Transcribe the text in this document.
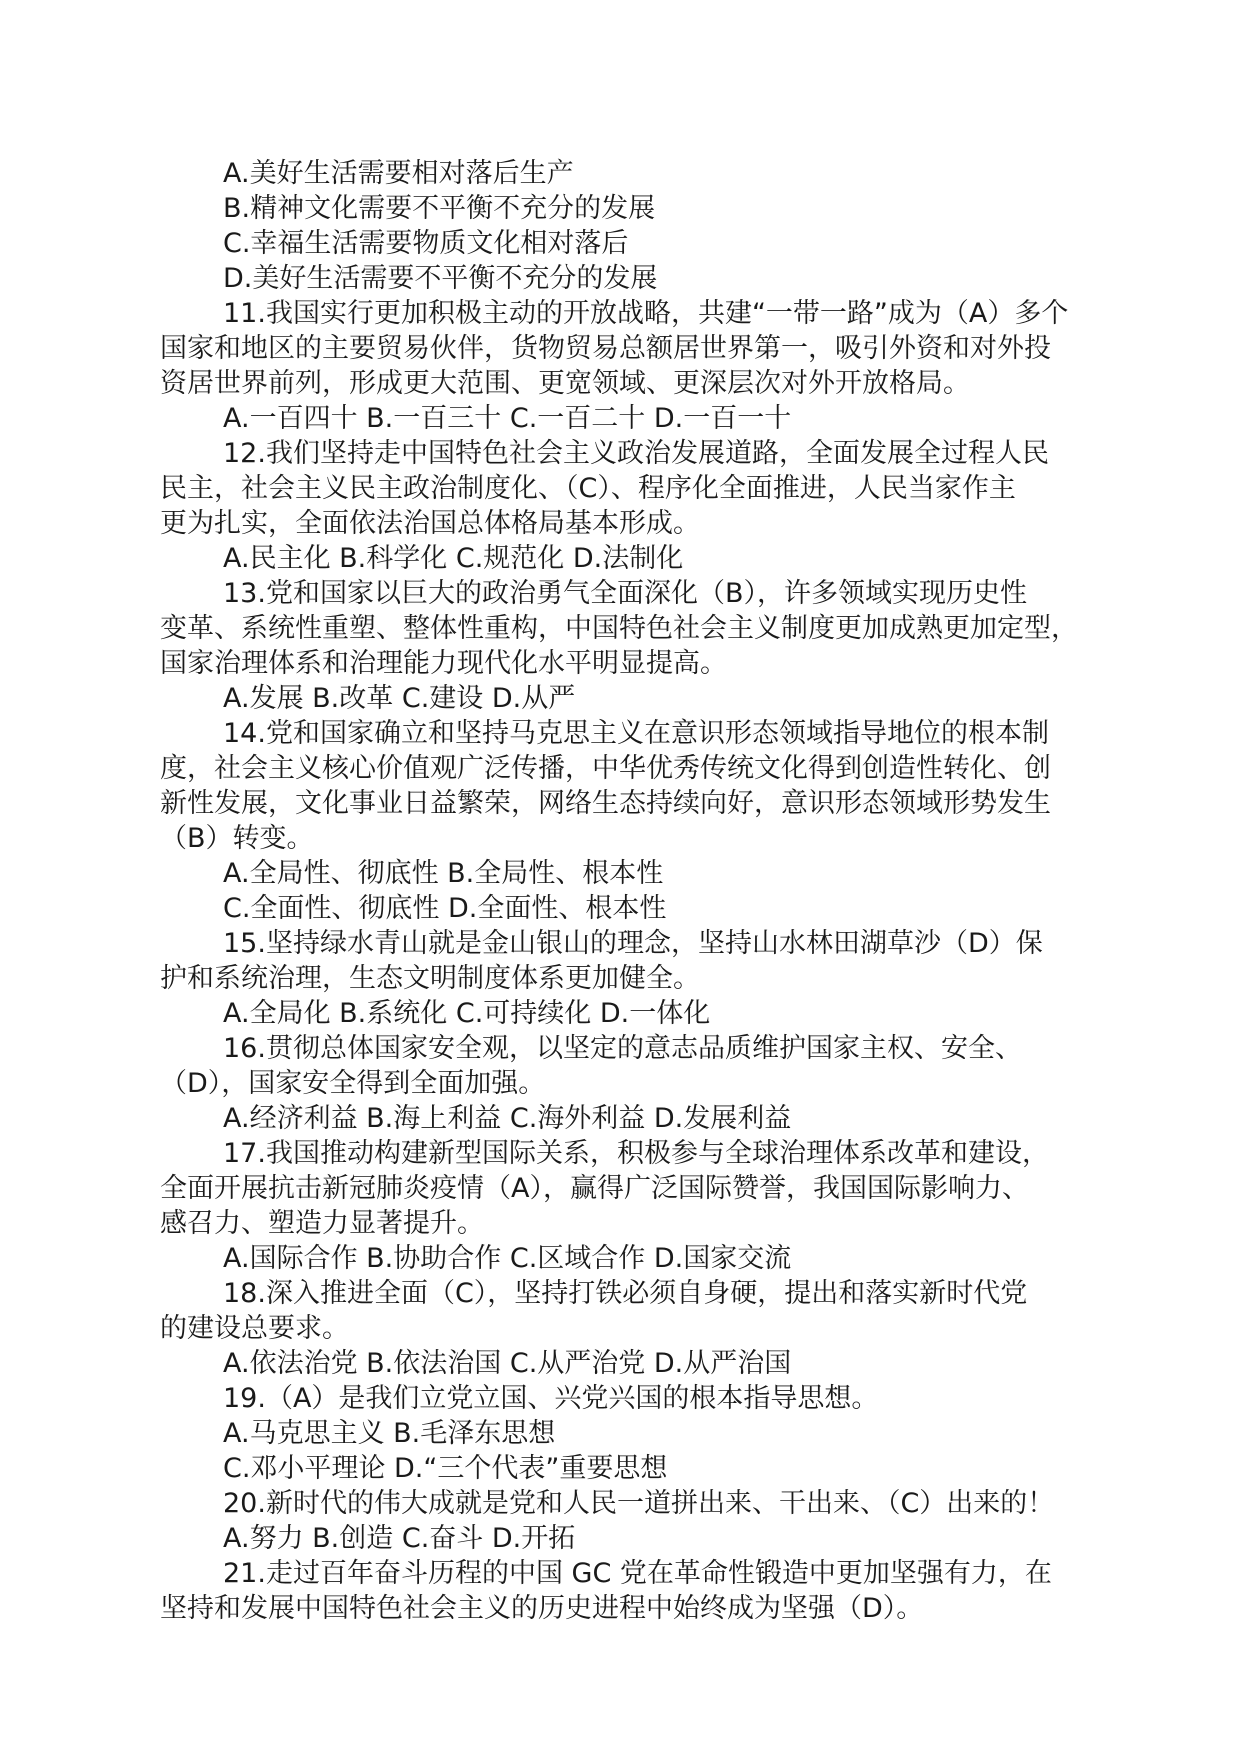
A.美好生活需要相对落后生产
B.精神文化需要不平衡不充分的发展
C.幸福生活需要物质文化相对落后
D.美好生活需要不平衡不充分的发展
11.我国实行更加积极主动的开放战略，共建“一带一路”成为（A）多个
国家和地区的主要贸易伙伴，货物贸易总额居世界第一，吸引外资和对外投
资居世界前列，形成更大范围、更宽领域、更深层次对外开放格局。
A.一百四十 B.一百三十 C.一百二十 D.一百一十
12.我们坚持走中国特色社会主义政治发展道路，全面发展全过程人民
民主，社会主义民主政治制度化、（C）、程序化全面推进，人民当家作主
更为扎实，全面依法治国总体格局基本形成。
A.民主化 B.科学化 C.规范化 D.法制化
13.党和国家以巨大的政治勇气全面深化（B），许多领域实现历史性
变革、系统性重塑、整体性重构，中国特色社会主义制度更加成熟更加定型，
国家治理体系和治理能力现代化水平明显提高。
A.发展 B.改革 C.建设 D.从严
14.党和国家确立和坚持马克思主义在意识形态领域指导地位的根本制
度，社会主义核心价值观广泛传播，中华优秀传统文化得到创造性转化、创
新性发展，文化事业日益繁荣，网络生态持续向好，意识形态领域形势发生
（B）转变。
A.全局性、彻底性 B.全局性、根本性
C.全面性、彻底性 D.全面性、根本性
15.坚持绿水青山就是金山银山的理念，坚持山水林田湖草沙（D）保
护和系统治理，生态文明制度体系更加健全。
A.全局化 B.系统化 C.可持续化 D.一体化
16.贯彻总体国家安全观，以坚定的意志品质维护国家主权、安全、
（D），国家安全得到全面加强。
A.经济利益 B.海上利益 C.海外利益 D.发展利益
17.我国推动构建新型国际关系，积极参与全球治理体系改革和建设，
全面开展抗击新冠肺炎疫情（A），赢得广泛国际赞誉，我国国际影响力、
感召力、塑造力显著提升。
A.国际合作 B.协助合作 C.区域合作 D.国家交流
18.深入推进全面（C），坚持打铁必须自身硬，提出和落实新时代党
的建设总要求。
A.依法治党 B.依法治国 C.从严治党 D.从严治国
19.（A）是我们立党立国、兴党兴国的根本指导思想。
A.马克思主义 B.毛泽东思想
C.邓小平理论 D.“三个代表”重要思想
20.新时代的伟大成就是党和人民一道拼出来、干出来、（C）出来的！
A.努力 B.创造 C.奋斗 D.开拓
21.走过百年奋斗历程的中国 GC 党在革命性锻造中更加坚强有力，在
坚持和发展中国特色社会主义的历史进程中始终成为坚强（D）。
